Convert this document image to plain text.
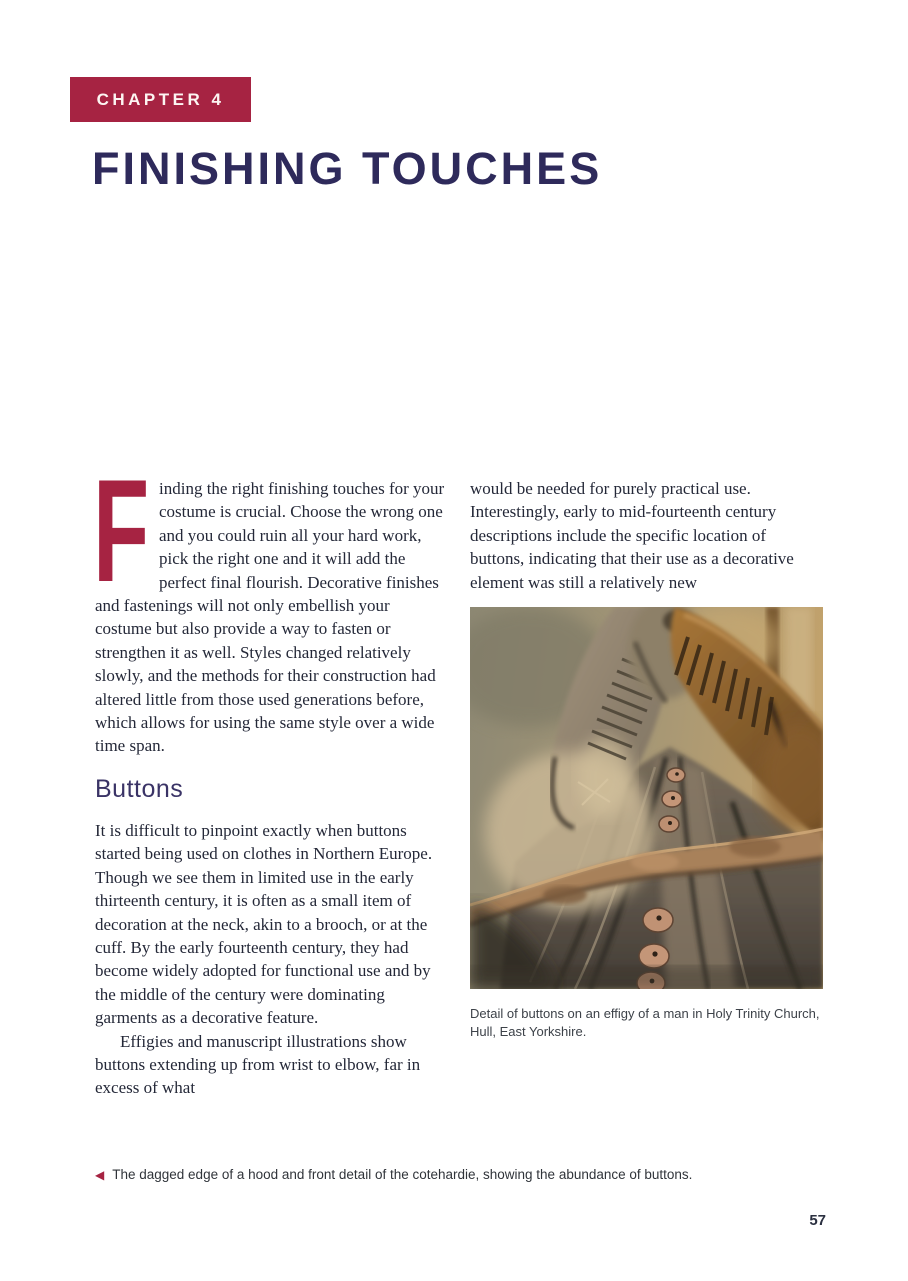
CHAPTER 4
FINISHING TOUCHES

F inding the right finishing touches for your costume is crucial. Choose the wrong one and you could ruin all your hard work, pick the right one and it will add the perfect final flourish. Decorative finishes and fastenings will not only embellish your costume but also provide a way to fasten or strengthen it as well. Styles changed relatively slowly, and the methods for their construction had altered little from those used generations before, which allows for using the same style over a wide time span.

Buttons

It is difficult to pinpoint exactly when buttons started being used on clothes in Northern Europe. Though we see them in limited use in the early thirteenth century, it is often as a small item of decoration at the neck, akin to a brooch, or at the cuff. By the early fourteenth century, they had become widely adopted for functional use and by the middle of the century were dominating garments as a decorative feature.

Effigies and manuscript illustrations show buttons extending up from wrist to elbow, far in excess of what

would be needed for purely practical use. Interestingly, early to mid-fourteenth century descriptions include the specific location of buttons, indicating that their use as a decorative element was still a relatively new

Detail of buttons on an effigy of a man in Holy Trinity Church, Hull, East Yorkshire.
◀ The dagged edge of a hood and front detail of the cotehardie, showing the abundance of buttons.
57
